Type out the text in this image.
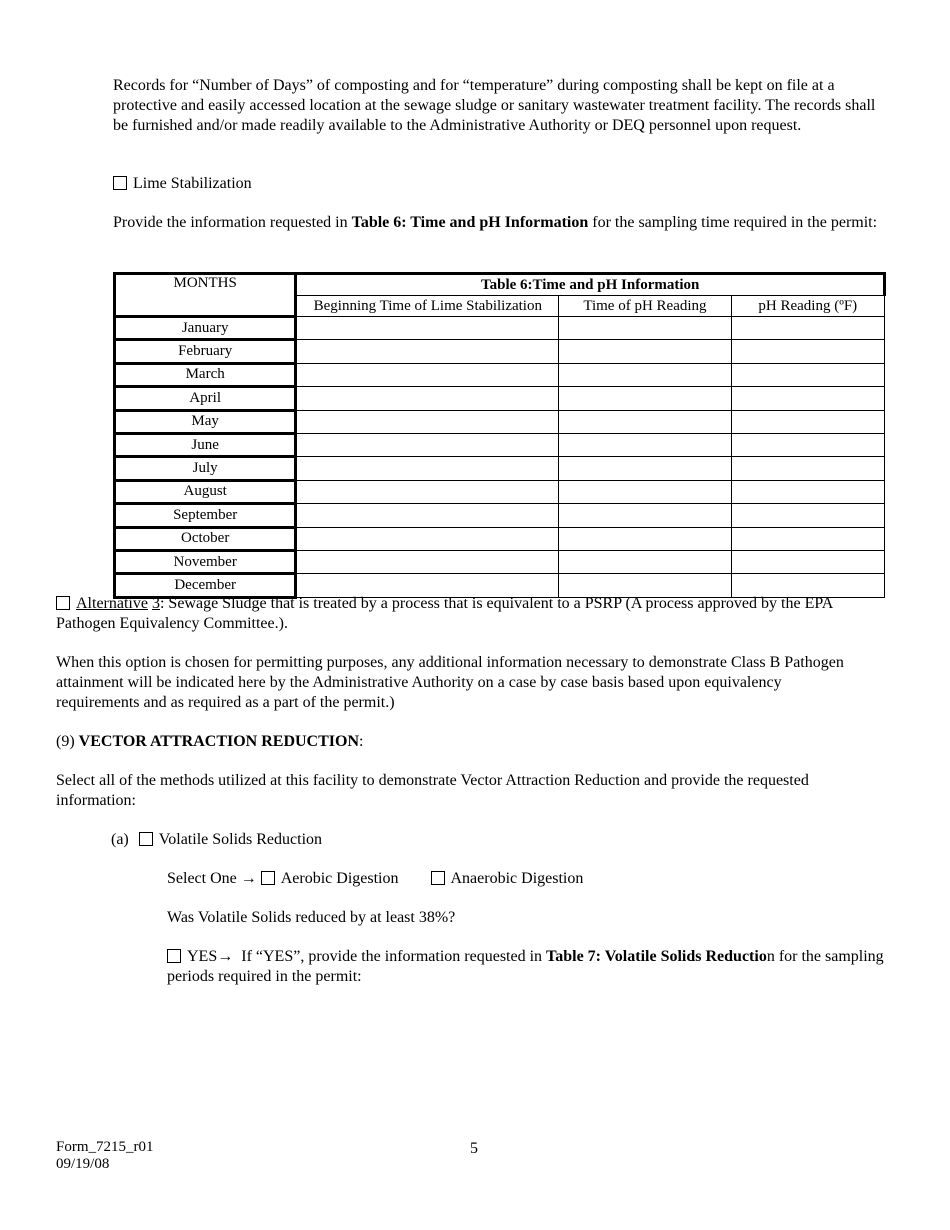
Records for “Number of Days” of composting and for “temperature” during composting shall be kept on file at a protective and easily accessed location at the sewage sludge or sanitary wastewater treatment facility. The records shall be furnished and/or made readily available to the Administrative Authority or DEQ personnel upon request.

Lime Stabilization

Provide the information requested in Table 6: Time and pH Information for the sampling time required in the permit:

MONTHS	Table 6:Time and pH Information		
	Beginning Time of Lime Stabilization	Time of pH Reading	pH Reading (ºF)
January			
February			
March			
April			
May			
June			
July			
August			
September			
October			
November			
December			

Alternative 3: Sewage Sludge that is treated by a process that is equivalent to a PSRP (A process approved by the EPA Pathogen Equivalency Committee.).

When this option is chosen for permitting purposes, any additional information necessary to demonstrate Class B Pathogen attainment will be indicated here by the Administrative Authority on a case by case basis based upon equivalency requirements and as required as a part of the permit.)

(9) VECTOR ATTRACTION REDUCTION:

Select all of the methods utilized at this facility to demonstrate Vector Attraction Reduction and provide the requested information:

(a) Volatile Solids Reduction
Select One → Aerobic Digestion	Anaerobic Digestion

Was Volatile Solids reduced by at least 38%?

YES→  If “YES”, provide the information requested in Table 7: Volatile Solids Reduction for the sampling periods required in the permit:

Form_7215_r01
09/19/08
5
